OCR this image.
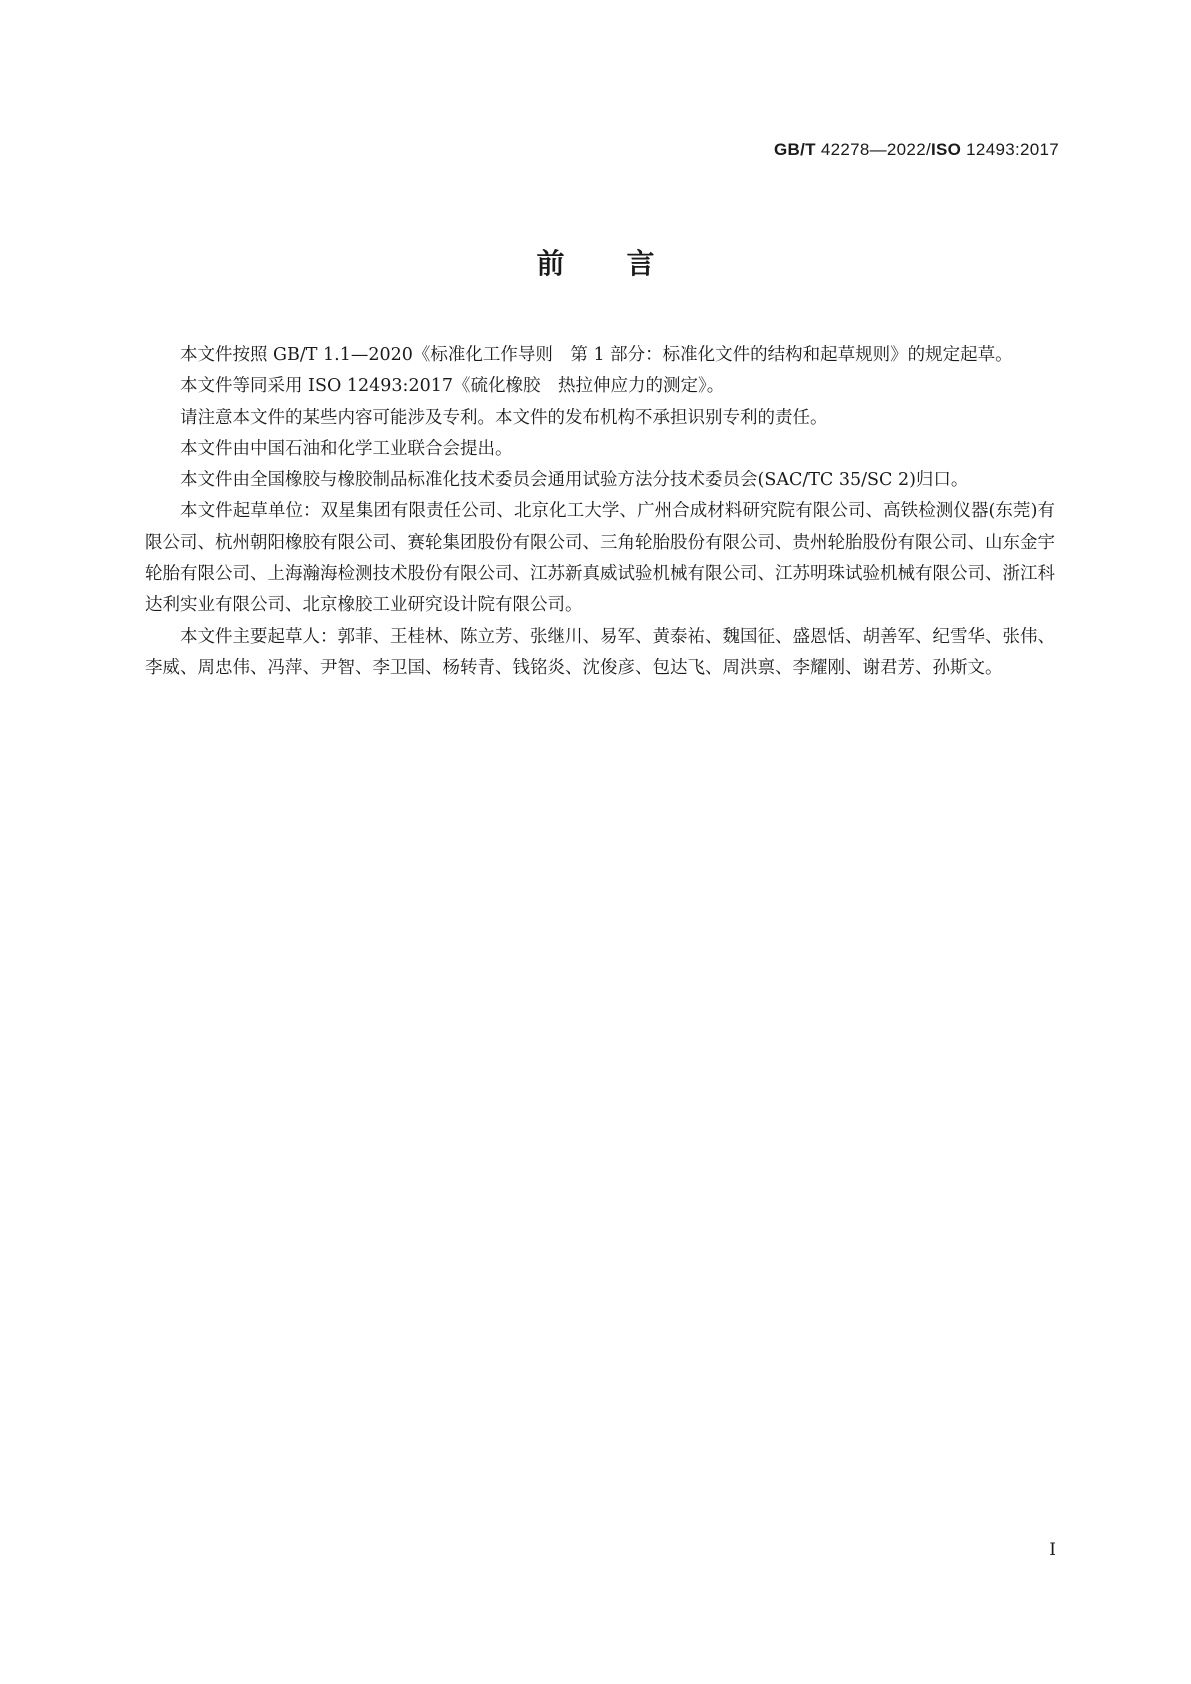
GB/T 42278—2022/ISO 12493:2017
前言

本文件按照 GB/T 1.1—2020《标准化工作导则　第 1 部分：标准化文件的结构和起草规则》的规定起草。

本文件等同采用 ISO 12493:2017《硫化橡胶　热拉伸应力的测定》。

请注意本文件的某些内容可能涉及专利。本文件的发布机构不承担识别专利的责任。

本文件由中国石油和化学工业联合会提出。

本文件由全国橡胶与橡胶制品标准化技术委员会通用试验方法分技术委员会(SAC/TC 35/SC 2)归口。

本文件起草单位：双星集团有限责任公司、北京化工大学、广州合成材料研究院有限公司、高铁检测仪器(东莞)有限公司、杭州朝阳橡胶有限公司、赛轮集团股份有限公司、三角轮胎股份有限公司、贵州轮胎股份有限公司、山东金宇轮胎有限公司、上海瀚海检测技术股份有限公司、江苏新真威试验机械有限公司、江苏明珠试验机械有限公司、浙江科达利实业有限公司、北京橡胶工业研究设计院有限公司。

本文件主要起草人：郭菲、王桂林、陈立芳、张继川、易军、黄泰祐、魏国征、盛恩恬、胡善军、纪雪华、张伟、李威、周忠伟、冯萍、尹智、李卫国、杨转青、钱铭炎、沈俊彦、包达飞、周洪禀、李耀刚、谢君芳、孙斯文。

I
